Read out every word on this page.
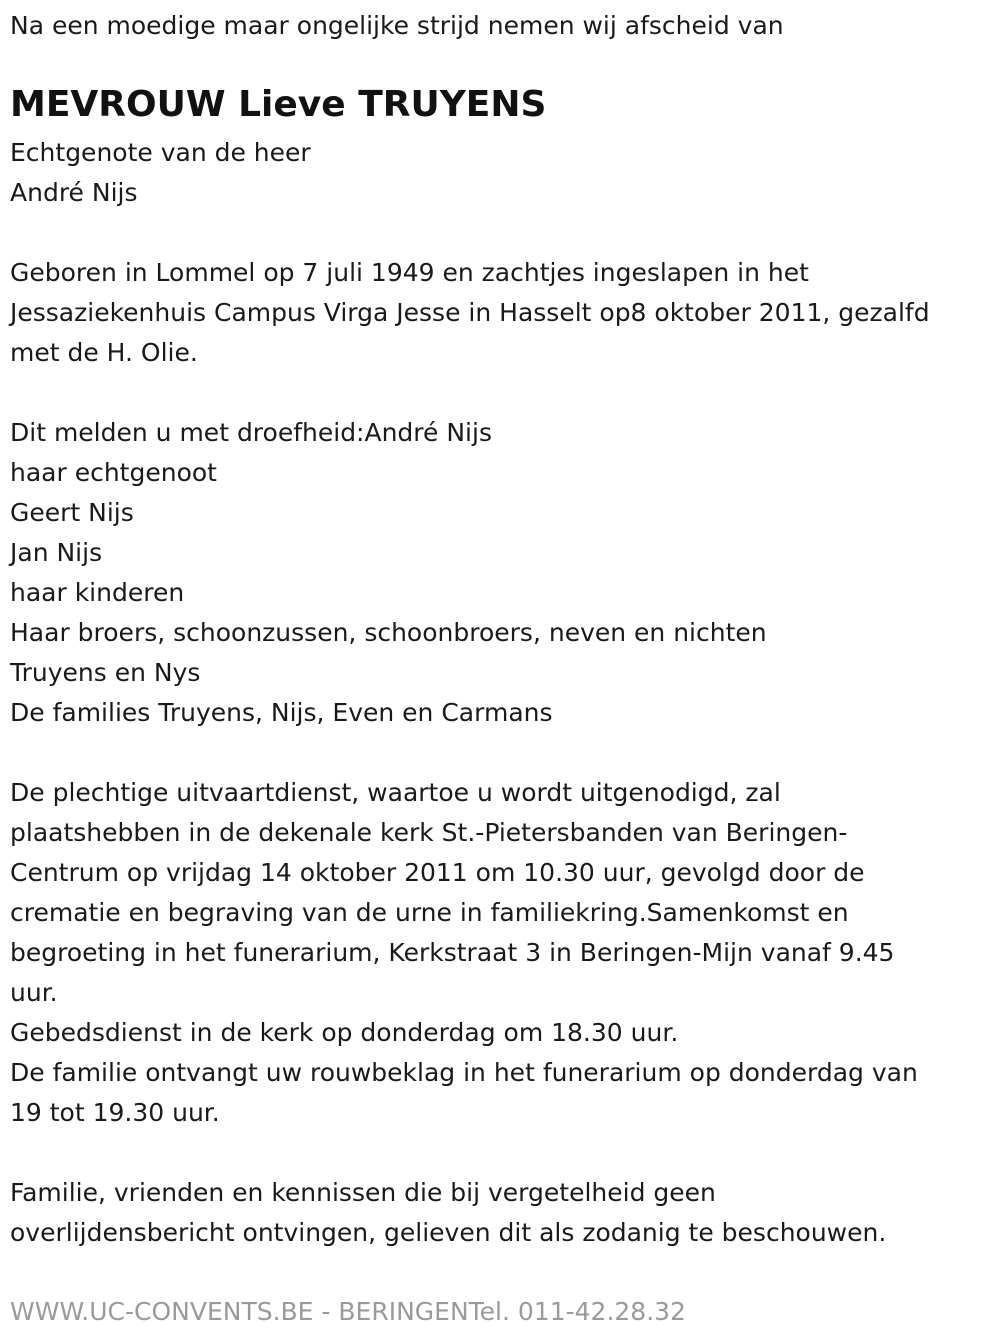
Na een moedige maar ongelijke strijd nemen wij afscheid van

MEVROUW Lieve TRUYENS

Echtgenote van de heer

André Nijs

Geboren in Lommel op 7 juli 1949 en zachtjes ingeslapen in het

Jessaziekenhuis Campus Virga Jesse in Hasselt op8 oktober 2011, gezalfd

met de H. Olie.

Dit melden u met droefheid:André Nijs

haar echtgenoot

Geert Nijs

Jan Nijs

haar kinderen

Haar broers, schoonzussen, schoonbroers, neven en nichten

Truyens en Nys

De families Truyens, Nijs, Even en Carmans

De plechtige uitvaartdienst, waartoe u wordt uitgenodigd, zal

plaatshebben in de dekenale kerk St.-Pietersbanden van Beringen-

Centrum op vrijdag 14 oktober 2011 om 10.30 uur, gevolgd door de

crematie en begraving van de urne in familiekring.Samenkomst en

begroeting in het funerarium, Kerkstraat 3 in Beringen-Mijn vanaf 9.45

uur.

Gebedsdienst in de kerk op donderdag om 18.30 uur.

De familie ontvangt uw rouwbeklag in het funerarium op donderdag van

19 tot 19.30 uur.

Familie, vrienden en kennissen die bij vergetelheid geen

overlijdensbericht ontvingen, gelieven dit als zodanig te beschouwen.

WWW.UC-CONVENTS.BE - BERINGENTel. 011-42.28.32
